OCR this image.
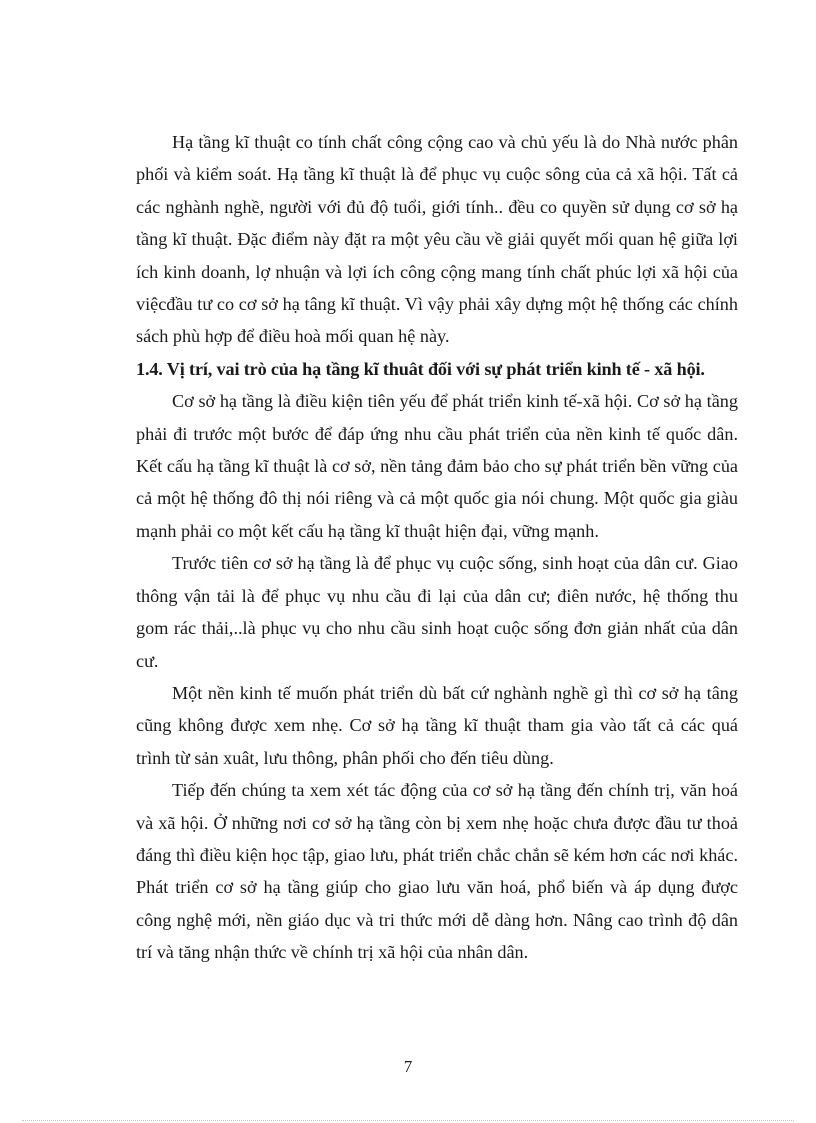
Hạ tầng kĩ thuật co tính chất công cộng cao và chủ yếu là do Nhà nước phân phối và kiểm soát. Hạ tầng kĩ thuật là để phục vụ cuộc sông của cả xã hội. Tất cả các nghành nghề, người với đủ độ tuổi, giới tính.. đều co quyền sử dụng cơ sở hạ tầng kĩ thuật. Đặc điểm này đặt ra một yêu cầu về giải quyết mối quan hệ giữa lợi ích kinh doanh, lợ nhuận và lợi ích công cộng mang tính chất phúc lợi xã hội của việcđầu tư co cơ sở hạ tâng kĩ thuật. Vì vậy phải xây dựng một hệ thống các chính sách phù hợp để điều hoà mối quan hệ này.

1.4. Vị trí, vai trò của hạ tầng kĩ thuât đối với sự phát triển kinh tế - xã hội.

Cơ sở hạ tầng là điều kiện tiên yếu để phát triển kinh tế-xã hội. Cơ sở hạ tầng phải đi trước một bước để đáp ứng nhu cầu phát triển của nền kinh tế quốc dân. Kết cấu hạ tầng kĩ thuật là cơ sở, nền tảng đảm bảo cho sự phát triển bền vững của cả một hệ thống đô thị nói riêng và cả một quốc gia nói chung. Một quốc gia giàu mạnh phải co một kết cấu hạ tầng kĩ thuật hiện đại, vững mạnh.

Trước tiên cơ sở hạ tầng là để phục vụ cuộc sống, sinh hoạt của dân cư. Giao thông vận tải là để phục vụ nhu cầu đi lại của dân cư; điên nước, hệ thống thu gom rác thải,..là phục vụ cho nhu cầu sinh hoạt cuộc sống đơn giản nhất của dân cư.

Một nền kinh tế muốn phát triển dù bất cứ nghành nghề gì thì cơ sở hạ tâng cũng không được xem nhẹ. Cơ sở hạ tầng kĩ thuật tham gia vào tất cả các quá trình từ sản xuât, lưu thông, phân phối cho đến tiêu dùng.

Tiếp đến chúng ta xem xét tác động của cơ sở hạ tầng đến chính trị, văn hoá và xã hội. Ở những nơi cơ sở hạ tầng còn bị xem nhẹ hoặc chưa được đầu tư thoả đáng thì điều kiện học tập, giao lưu, phát triển chắc chắn sẽ kém hơn các nơi khác. Phát triển cơ sở hạ tầng giúp cho giao lưu văn hoá, phổ biến và áp dụng được công nghệ mới, nền giáo dục và tri thức mới dễ dàng hơn. Nâng cao trình độ dân trí và tăng nhận thức về chính trị xã hội của nhân dân.

7
